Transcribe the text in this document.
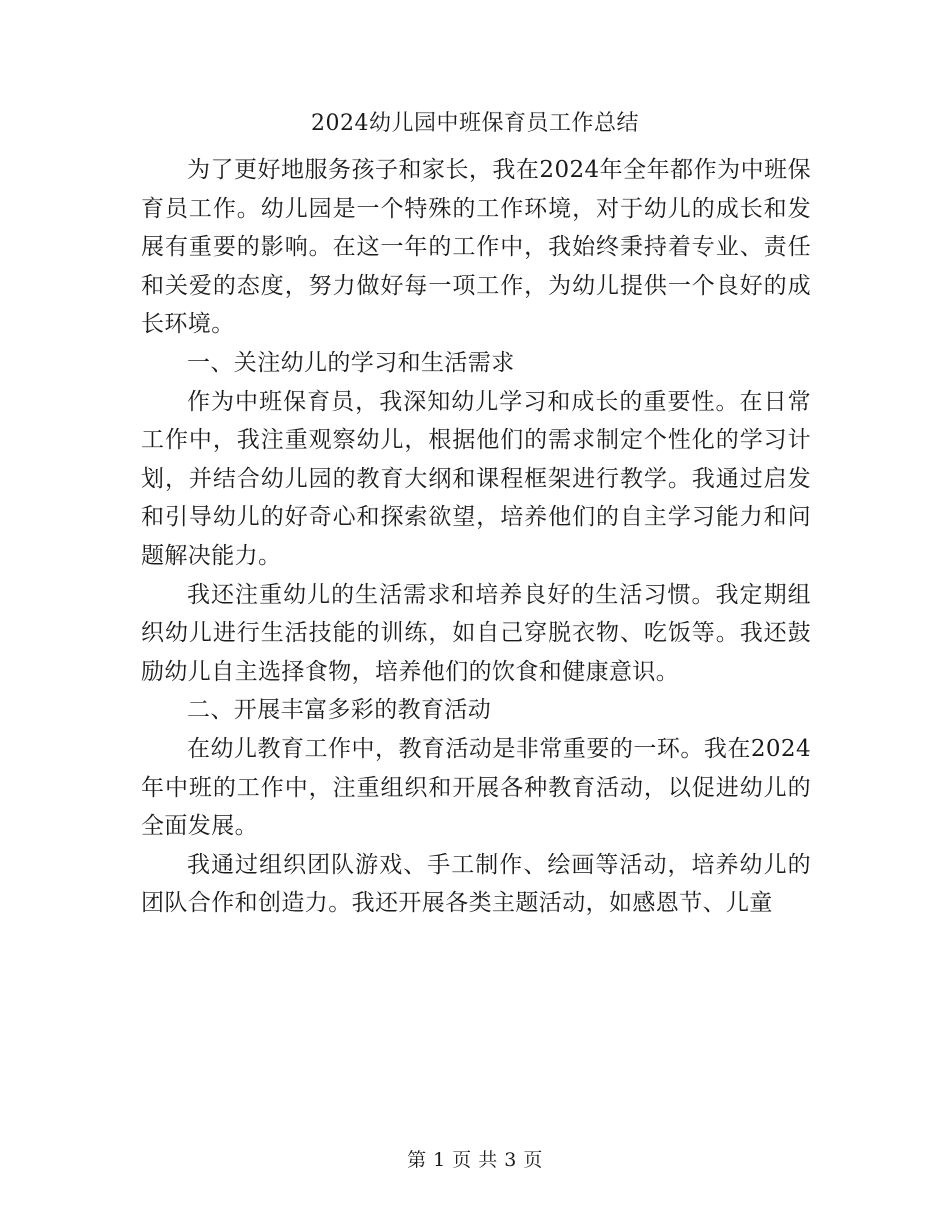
2024幼儿园中班保育员工作总结

为了更好地服务孩子和家长，我在2024年全年都作为中班保育员工作。幼儿园是一个特殊的工作环境，对于幼儿的成长和发展有重要的影响。在这一年的工作中，我始终秉持着专业、责任和关爱的态度，努力做好每一项工作，为幼儿提供一个良好的成长环境。

一、关注幼儿的学习和生活需求

作为中班保育员，我深知幼儿学习和成长的重要性。在日常工作中，我注重观察幼儿，根据他们的需求制定个性化的学习计划，并结合幼儿园的教育大纲和课程框架进行教学。我通过启发和引导幼儿的好奇心和探索欲望，培养他们的自主学习能力和问题解决能力。

我还注重幼儿的生活需求和培养良好的生活习惯。我定期组织幼儿进行生活技能的训练，如自己穿脱衣物、吃饭等。我还鼓励幼儿自主选择食物，培养他们的饮食和健康意识。

二、开展丰富多彩的教育活动

在幼儿教育工作中，教育活动是非常重要的一环。我在2024年中班的工作中，注重组织和开展各种教育活动，以促进幼儿的全面发展。

我通过组织团队游戏、手工制作、绘画等活动，培养幼儿的团队合作和创造力。我还开展各类主题活动，如感恩节、儿童

第 1 页 共 3 页
